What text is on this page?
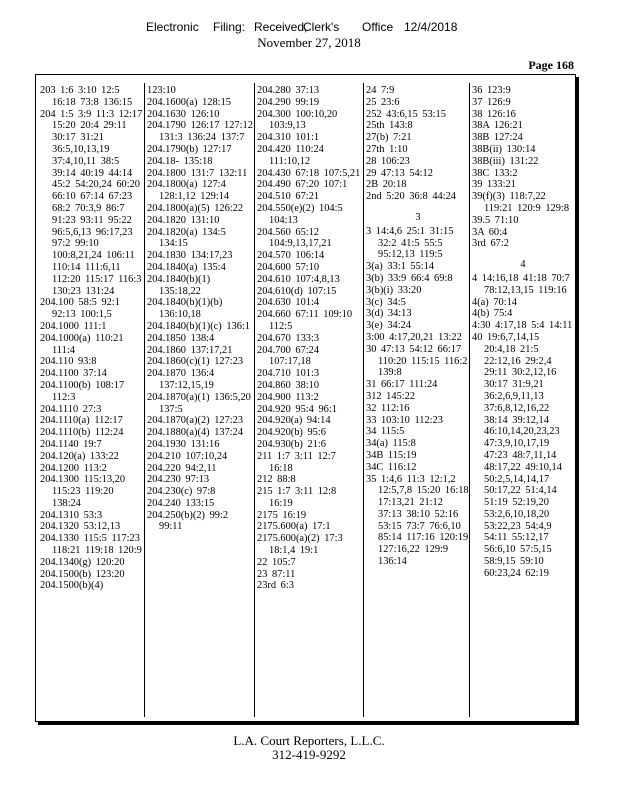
Electronic Filing: Received,
Clerk's Office 12/4/2018
November 27, 2018
Page 168
203 1:6 3:10 12:5 16:18 73:8 136:15
204 1:5 3:9 11:3 12:17 15:20 20:4 29:11 30:17 31:21 36:5,10,13,19 37:4,10,11 38:5 39:14 40:19 44:14 45:2 54:20,24 60:20 66:10 67:14 67:23 68:2 70:3,9 86:7 91:23 93:11 95:22 96:5,6,13 96:17,23 97:2 99:10 100:8,21,24 106:11 110:14 111:6,11 112:20 115:17 116:3 130:23 131:24
204.100 58:5 92:1 92:13 100:1,5
204.1000 111:1
204.1000(a) 110:21 111:4
204.110 93:8
204.1100 37:14
204.1100(b) 108:17 112:3
204.1110 27:3
204.1110(a) 112:17
204.1110(b) 112:24
204.1140 19:7
204.120(a) 133:22
204.1200 113:2
204.1300 115:13,20 115:23 119:20 138:24
204.1310 53:3
204.1320 53:12,13
204.1330 115:5 117:23 118:21 119:18 120:9
204.1340(g) 120:20
204.1500(b) 123:20
204.1500(b)(4)
123:10
204.1600(a) 128:15
204.1630 126:10
204.1790 126:17 127:12 131:3 136:24 137:7
204.1790(b) 127:17
204.18- 135:18
204.1800 131:7 132:11
204.1800(a) 127:4 128:1,12 129:14
204.1800(a)(5) 126:22
204.1820 131:10
204.1820(a) 134:5 134:15
204.1830 134:17,23
204.1840(a) 135:4
204.1840(b)(1) 135:18,22
204.1840(b)(1)(b) 136:10,18
204.1840(b)(1)(c) 136:1
204.1850 138:4
204.1860 137:17,21
204.1860(c)(1) 127:23
204.1870 136:4 137:12,15,19
204.1870(a)(1) 136:5,20 137:5
204.1870(a)(2) 127:23
204.1880(a)(4) 137:24
204.1930 131:16
204.210 107:10,24
204.220 94:2,11
204.230 97:13
204.230(c) 97:8
204.240 133:15
204.250(b)(2) 99:2 99:11
204.280 37:13
204.290 99:19
204.300 100:10,20 103:9,13
204.310 101:1
204.420 110:24 111:10,12
204.430 67:18 107:5,21
204.490 67:20 107:1
204.510 67:21
204.550(e)(2) 104:5 104:13
204.560 65:12 104:9,13,17,21
204.570 106:14
204.600 57:10
204.610 107:4,8,13
204.610(d) 107:15
204.630 101:4
204.660 67:11 109:10 112:5
204.670 133:3
204.700 67:24 107:17,18
204.710 101:3
204.860 38:10
204.900 113:2
204.920 95:4 96:1
204.920(a) 94:14
204.920(b) 95:6
204.930(b) 21:6
211 1:7 3:11 12:7 16:18
212 88:8
215 1:7 3:11 12:8 16:19
2175 16:19
2175.600(a) 17:1
2175.600(a)(2) 17:3 18:1,4 19:1
22 105:7
23 87:11
23rd 6:3
24 7:9
25 23:6
252 43:6,15 53:15
25th 143:8
27(b) 7:21
27th 1:10
28 106:23
29 47:13 54:12
2B 20:18
2nd 5:20 36:8 44:24
3
3 14:4,6 25:1 31:15 32:2 41:5 55:5 95:12,13 119:5
3(a) 33:1 55:14
3(b) 33:9 66:4 69:8
3(b)(i) 33:20
3(c) 34:5
3(d) 34:13
3(e) 34:24
3:00 4:17,20,21 13:22
30 47:13 54:12 66:17 110:20 115:15 116:2 139:8
31 66:17 111:24
312 145:22
32 112:16
33 103:10 112:23
34 115:5
34(a) 115:8
34B 115:19
34C 116:12
35 1:4,6 11:3 12:1,2 12:5,7,8 15:20 16:18 17:13,21 21:12 37:13 38:10 52:16 53:15 73:7 76:6,10 85:14 117:16 120:19 127:16,22 129:9 136:14
36 123:9
37 126:9
38 126:16
38A 126:21
38B 127:24
38B(ii) 130:14
38B(iii) 131:22
38C 133:2
39 133:21
39(f)(3) 118:7,22 119:21 120:9 129:8
39.5 71:10
3A 60:4
3rd 67:2
4
4 14:16,18 41:18 70:7 78:12,13,15 119:16
4(a) 70:14
4(b) 75:4
4:30 4:17,18 5:4 14:11
40 19:6,7,14,15 20:4,18 21:5 22:12,16 29:2,4 29:11 30:2,12,16 30:17 31:9,21 36:2,6,9,11,13 37:6,8,12,16,22 38:14 39:12,14 46:10,14,20,23,23 47:3,9,10,17,19 47:23 48:7,11,14 48:17,22 49:10,14 50:2,5,14,14,17 50:17,22 51:4,14 51:19 52:19,20 53:2,6,10,18,20 53:22,23 54:4,9 54:11 55:12,17 56:6,10 57:5,15 58:9,15 59:10 60:23,24 62:19
L.A. Court Reporters, L.L.C.
312-419-9292
